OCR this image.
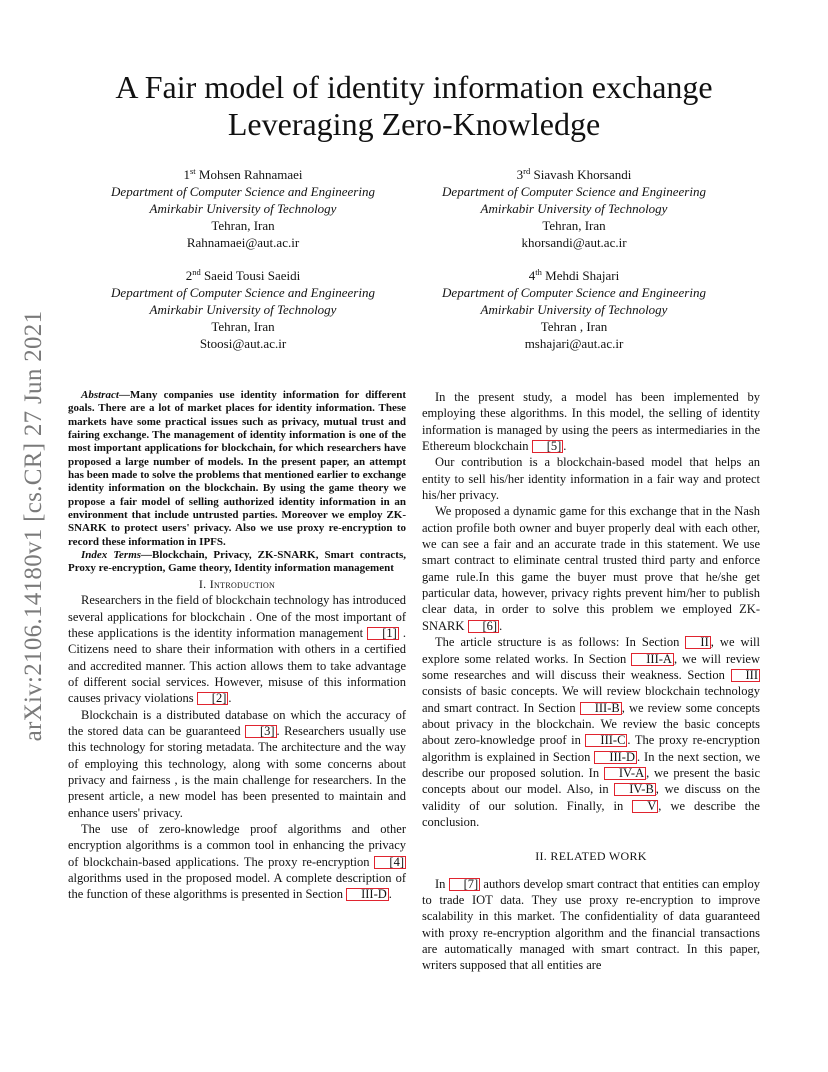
arXiv:2106.14180v1 [cs.CR] 27 Jun 2021
A Fair model of identity information exchange
Leveraging Zero-Knowledge
1st Mohsen Rahnamaei
Department of Computer Science and Engineering
Amirkabir University of Technology
Tehran, Iran
Rahnamaei@aut.ac.ir
3rd Siavash Khorsandi
Department of Computer Science and Engineering
Amirkabir University of Technology
Tehran, Iran
khorsandi@aut.ac.ir
2nd Saeid Tousi Saeidi
Department of Computer Science and Engineering
Amirkabir University of Technology
Tehran, Iran
Stoosi@aut.ac.ir
4th Mehdi Shajari
Department of Computer Science and Engineering
Amirkabir University of Technology
Tehran , Iran
mshajari@aut.ac.ir

Abstract—Many companies use identity information for different goals. There are a lot of market places for identity information. These markets have some practical issues such as privacy, mutual trust and fairing exchange. The management of identity information is one of the most important applications for blockchain, for which researchers have proposed a large number of models. In the present paper, an attempt has been made to solve the problems that mentioned earlier to exchange identity information on the blockchain. By using the game theory we propose a fair model of selling authorized identity information in an environment that include untrusted parties. Moreover we employ ZK-SNARK to protect users' privacy. Also we use proxy re-encryption to record these information in IPFS.

Index Terms—Blockchain, Privacy, ZK-SNARK, Smart contracts, Proxy re-encryption, Game theory, Identity information management

I. Introduction

Researchers in the field of blockchain technology has introduced several applications for blockchain . One of the most important of these applications is the identity information management [1] . Citizens need to share their information with others in a certified and accredited manner. This action allows them to take advantage of different social services. However, misuse of this information causes privacy violations [2] .

Blockchain is a distributed database on which the accuracy of the stored data can be guaranteed [3] . Researchers usually use this technology for storing metadata. The architecture and the way of employing this technology, along with some concerns about privacy and fairness , is the main challenge for researchers. In the present article, a new model has been presented to maintain and enhance users' privacy.

The use of zero-knowledge proof algorithms and other encryption algorithms is a common tool in enhancing the privacy of blockchain-based applications. The proxy re-encryption [4] algorithms used in the proposed model. A complete description of the function of these algorithms is presented in Section III-D .

In the present study, a model has been implemented by employing these algorithms. In this model, the selling of identity information is managed by using the peers as intermediaries in the Ethereum blockchain [5] .

Our contribution is a blockchain-based model that helps an entity to sell his/her identity information in a fair way and protect his/her privacy.

We proposed a dynamic game for this exchange that in the Nash action profile both owner and buyer properly deal with each other, we can see a fair and an accurate trade in this statement. We use smart contract to eliminate central trusted third party and enforce game rule.In this game the buyer must prove that he/she get particular data, however, privacy rights prevent him/her to publish clear data, in order to solve this problem we employed ZK-SNARK [6] .

The article structure is as follows: In Section II , we will explore some related works. In Section III-A , we will review some researches and will discuss their weakness. Section III consists of basic concepts. We will review blockchain technology and smart contract. In Section III-B , we review some concepts about privacy in the blockchain. We review the basic concepts about zero-knowledge proof in III-C . The proxy re-encryption algorithm is explained in Section III-D . In the next section, we describe our proposed solution. In IV-A , we present the basic concepts about our model. Also, in IV-B , we discuss on the validity of our solution. Finally, in V , we describe the conclusion.

II. RELATED WORK

In [7] authors develop smart contract that entities can employ to trade IOT data. They use proxy re-encryption to improve scalability in this market. The confidentiality of data guaranteed with proxy re-encryption algorithm and the financial transactions are automatically managed with smart contract. In this paper, writers supposed that all entities are
